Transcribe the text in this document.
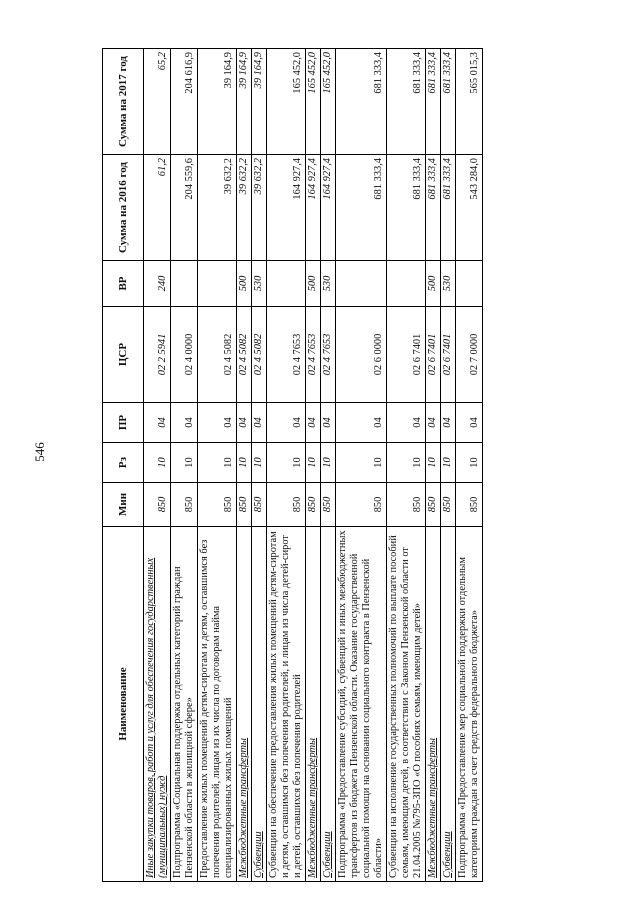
546
Наименование	Мин	Рз	ПР	ЦСР	ВР	Сумма на 2016 год	Сумма на 2017 год
Иные закупки товаров, работ и услуг для обеспечения государственных (муниципальных) нужд	850	10	04	02 2 5941	240	61,2	65,2
Подпрограмма «Социальная поддержка отдельных категорий граждан Пензенской области в жилищной сфере»	850	10	04	02 4 0000		204 559,6	204 616,9
Предоставление жилых помещений детям-сиротам и детям, оставшимся без попечения родителей, лицам из их числа по договорам найма специализированных жилых помещений	850	10	04	02 4 5082		39 632,2	39 164,9
Межбюджетные трансферты	850	10	04	02 4 5082	500	39 632,2	39 164,9
Субвенции	850	10	04	02 4 5082	530	39 632,2	39 164,9
Субвенции на обеспечение предоставления жилых помещений детям-сиротам и детям, оставшимся без попечения родителей, и лицам из числа детей-сирот и детей, оставшихся без попечения родителей	850	10	04	02 4 7653		164 927,4	165 452,0
Межбюджетные трансферты	850	10	04	02 4 7653	500	164 927,4	165 452,0
Субвенции	850	10	04	02 4 7653	530	164 927,4	165 452,0
Подпрограмма «Предоставление субсидий, субвенций и иных межбюджетных трансфертов из бюджета Пензенской области. Оказание государственной социальной помощи на основании социального контракта в Пензенской области»	850	10	04	02 6 0000		681 333,4	681 333,4
Субвенции на исполнение государственных полномочий по выплате пособий семьям, имеющим детей, в соответствии с Законом Пензенской области от 21.04.2005 №795-ЗПО «О пособиях семьям, имеющим детей»	850	10	04	02 6 7401		681 333,4	681 333,4
Межбюджетные трансферты	850	10	04	02 6 7401	500	681 333,4	681 333,4
Субвенции	850	10	04	02 6 7401	530	681 333,4	681 333,4
Подпрограмма «Предоставление мер социальной поддержки отдельным категориям граждан за счет средств федерального бюджета»	850	10	04	02 7 0000		543 284,0	565 015,3
